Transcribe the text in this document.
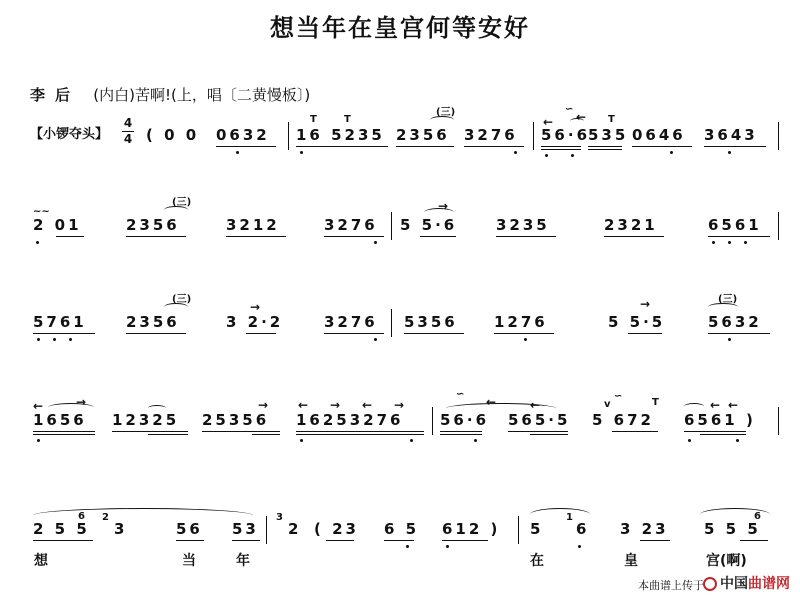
想当年在皇宫何等安好
李后 (内白)苦啊!(上，唱〔二黄慢板〕)
【小锣夺头】
4
4 ( 0 0 0632 16 5235 2356 3276 56·6
535 0646 3643
(三)
T	T
∽
← ← T
~~
2 01	2356
(三)
3212	3276 5 5·6
→
3235	2321	6561
5761	2356
(三)
3 2·2
→
3276 5356 1276	5 5·5
→
5632
(三)
1656
←	→
12325 25356
→
16253276
← → ← →
56·6
∽
←
565·5
←
5 672
v
∽
T
6561 )
← ←
2 5 5
6 2
3	56 53
3
2 ( 23 6 5 612 ) 5
1
6 3 23 5 5 5
6
想	当	年	在	皇	宫(啊)
本曲谱上传于	中国曲谱网
